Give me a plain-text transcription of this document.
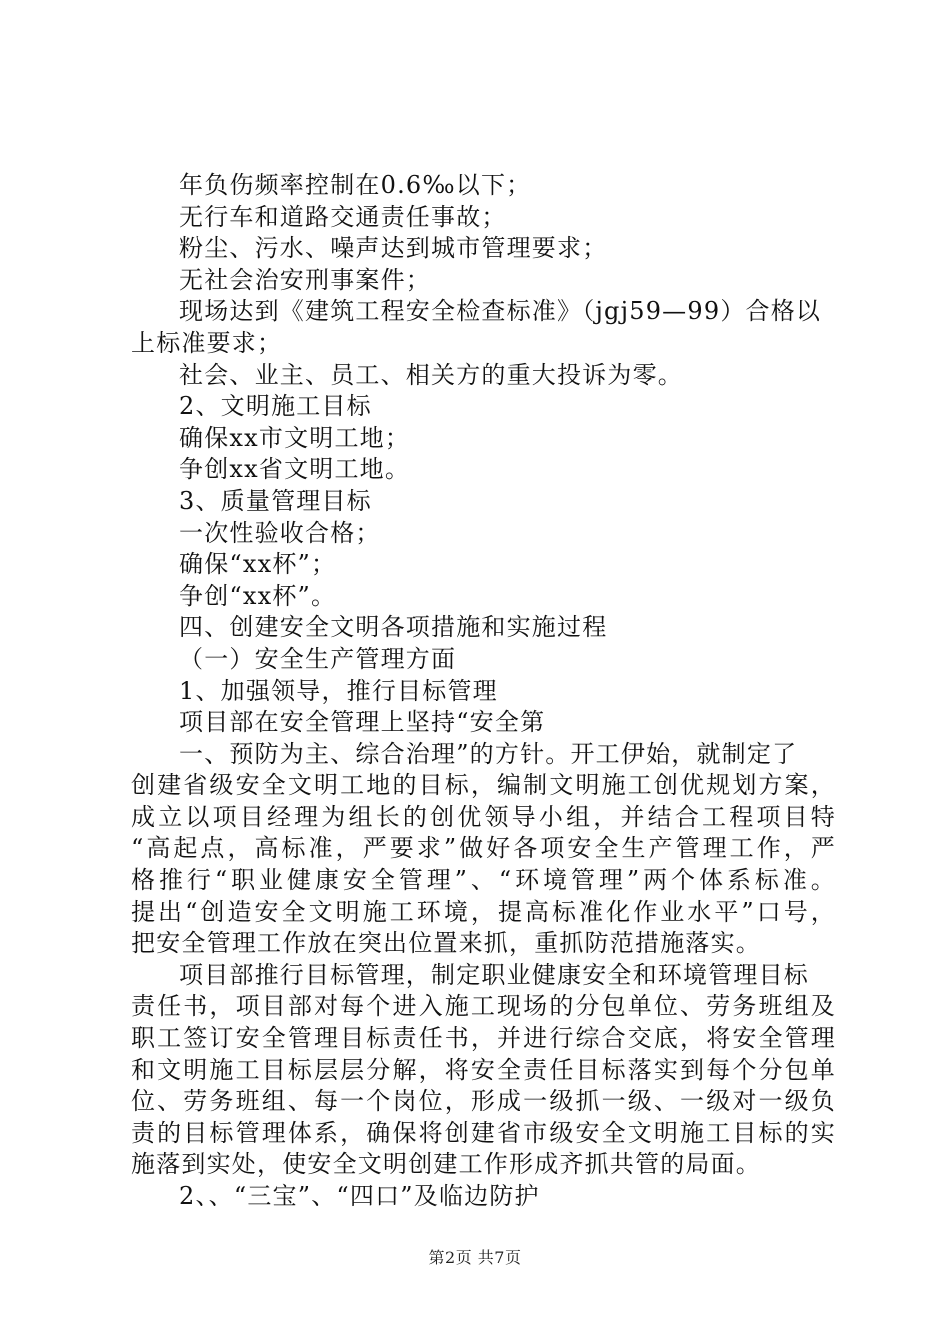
年负伤频率控制在0.6‰以下；
无行车和道路交通责任事故；
粉尘、污水、噪声达到城市管理要求；
无社会治安刑事案件；
现场达到《建筑工程安全检查标准》（jgj59—99）合格以
上标准要求；
社会、业主、员工、相关方的重大投诉为零。
2、文明施工目标
确保xx市文明工地；
争创xx省文明工地。
3、质量管理目标
一次性验收合格；
确保“xx杯”；
争创“xx杯”。
四、创建安全文明各项措施和实施过程
（一）安全生产管理方面
1、加强领导，推行目标管理
项目部在安全管理上坚持“安全第
一、预防为主、综合治理”的方针。开工伊始，就制定了
创建省级安全文明工地的目标，编制文明施工创优规划方案，
成立以项目经理为组长的创优领导小组，并结合工程项目特
“高起点，高标准，严要求”做好各项安全生产管理工作，严
格推行“职业健康安全管理”、“环境管理”两个体系标准。
提出“创造安全文明施工环境，提高标准化作业水平”口号，
把安全管理工作放在突出位置来抓，重抓防范措施落实。
项目部推行目标管理，制定职业健康安全和环境管理目标
责任书，项目部对每个进入施工现场的分包单位、劳务班组及
职工签订安全管理目标责任书，并进行综合交底，将安全管理
和文明施工目标层层分解，将安全责任目标落实到每个分包单
位、劳务班组、每一个岗位，形成一级抓一级、一级对一级负
责的目标管理体系，确保将创建省市级安全文明施工目标的实
施落到实处，使安全文明创建工作形成齐抓共管的局面。
2、、“三宝”、“四口”及临边防护
第2页 共7页
